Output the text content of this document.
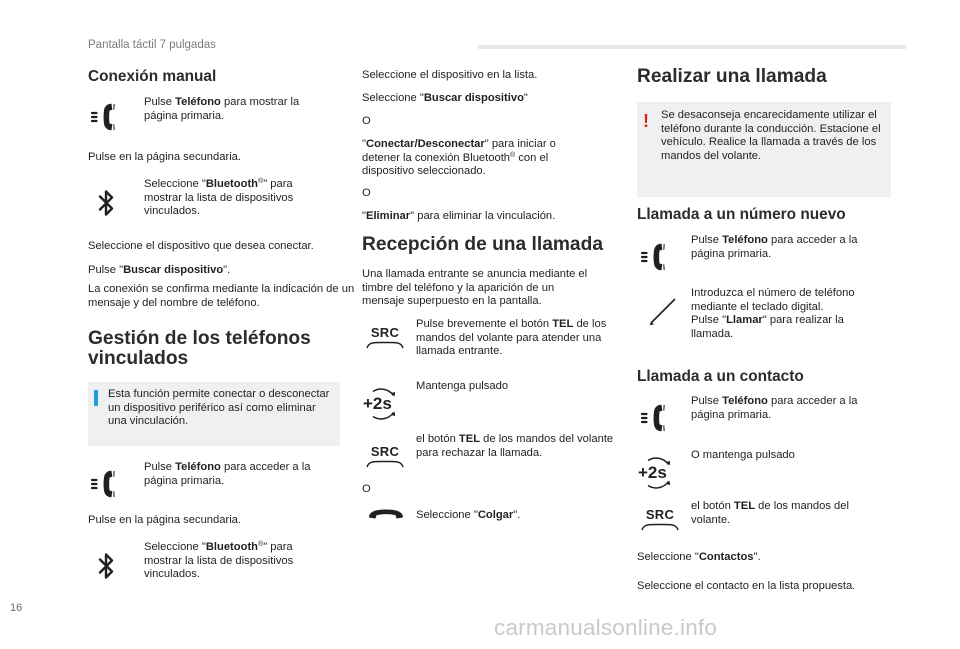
Pantalla táctil 7 pulgadas
Conexión manual

Pulse Teléfono para mostrar la página primaria.

Pulse en la página secundaria.

Seleccione "Bluetooth®" para mostrar la lista de dispositivos vinculados.

Seleccione el dispositivo que desea conectar.

Pulse "Buscar dispositivo".

La conexión se confirma mediante la indicación de un mensaje y del nombre de teléfono.

Gestión de los teléfonos vinculados

Esta función permite conectar o desconectar un dispositivo periférico así como eliminar una vinculación.

Pulse Teléfono para acceder a la página primaria.

Pulse en la página secundaria.

Seleccione "Bluetooth®" para mostrar la lista de dispositivos vinculados.

Seleccione el dispositivo en la lista.

Seleccione "Buscar dispositivo"

O

"Conectar/Desconectar" para iniciar o detener la conexión Bluetooth® con el dispositivo seleccionado.

O

"Eliminar" para eliminar la vinculación.

Recepción de una llamada

Una llamada entrante se anuncia mediante el timbre del teléfono y la aparición de un mensaje superpuesto en la pantalla.

SRC

Pulse brevemente el botón TEL de los mandos del volante para atender una llamada entrante.

+2s

Mantenga pulsado

SRC

el botón TEL de los mandos del volante para rechazar la llamada.

O

Seleccione "Colgar".

Realizar una llamada
! Se desaconseja encarecidamente utilizar el teléfono durante la conducción. Estacione el vehículo. Realice la llamada a través de los mandos del volante.

Llamada a un número nuevo

Pulse Teléfono para acceder a la página primaria.

Introduzca el número de teléfono mediante el teclado digital.

Pulse "Llamar" para realizar la llamada.

Llamada a un contacto

Pulse Teléfono para acceder a la página primaria.

+2s

O mantenga pulsado

SRC

el botón TEL de los mandos del volante.

Seleccione "Contactos".

Seleccione el contacto en la lista propuesta.

16
carmanualsonline.info
